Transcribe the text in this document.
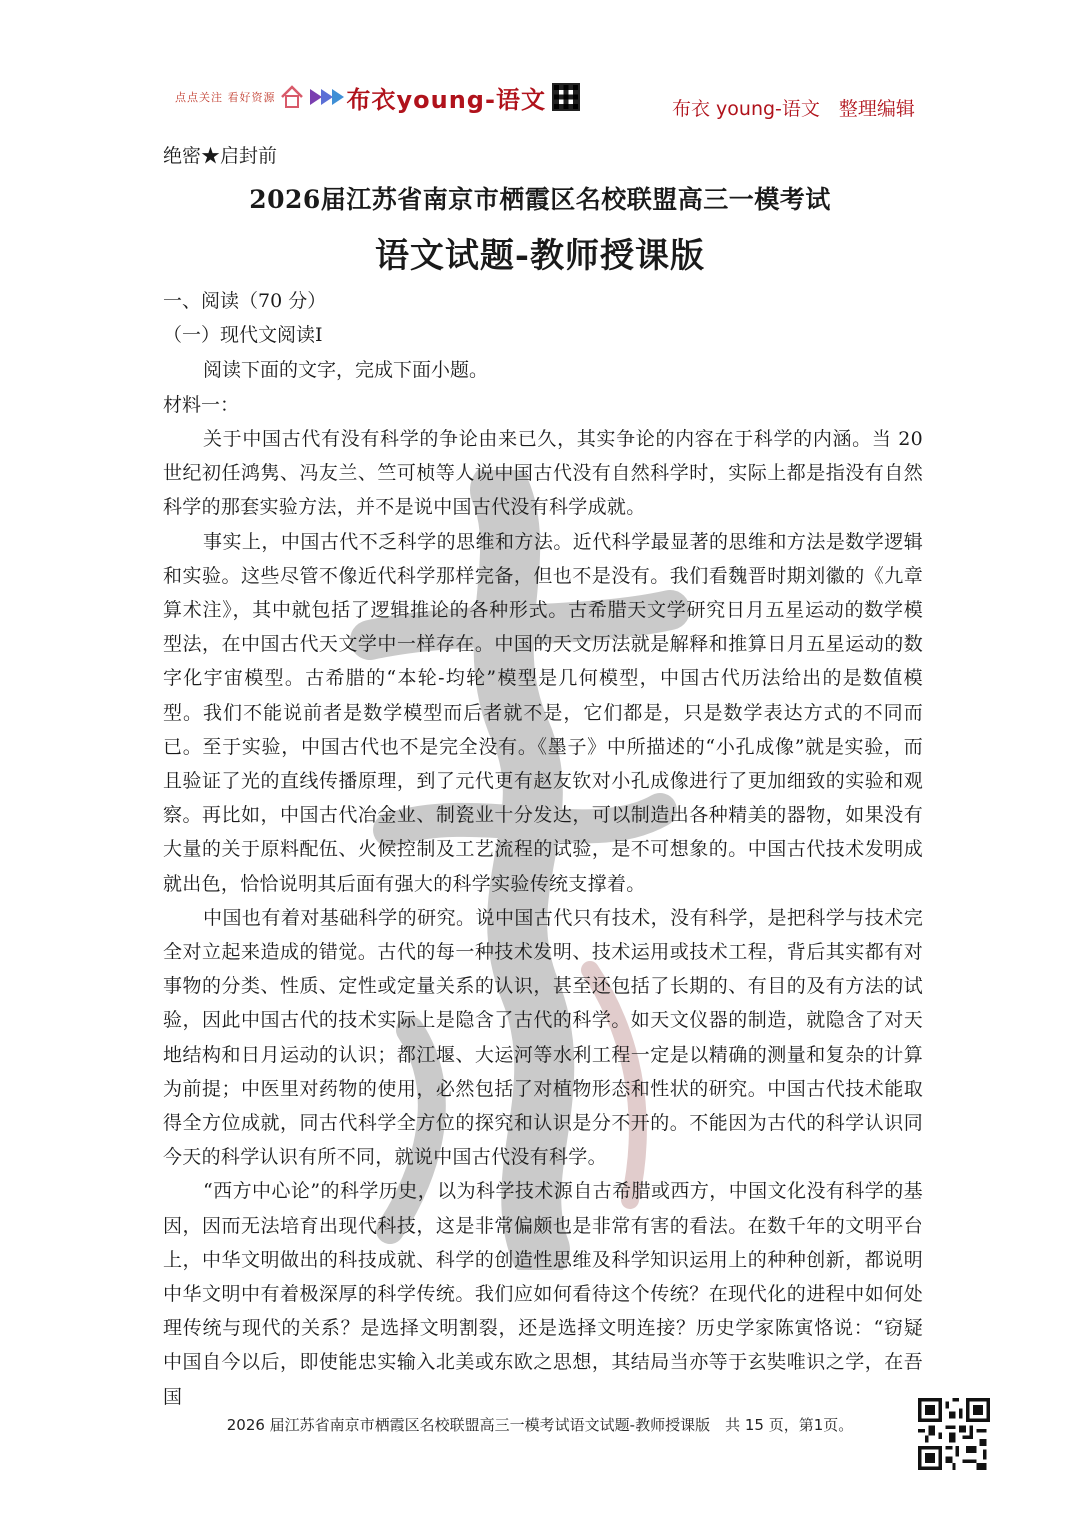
点点关注 看好资源	布衣young-语文	布衣 young-语文　整理编辑
绝密★启封前
2026届江苏省南京市栖霞区名校联盟高三一模考试
语文试题-教师授课版
一、阅读（70 分）
（一）现代文阅读Ⅰ
阅读下面的文字，完成下面小题。
材料一：

关于中国古代有没有科学的争论由来已久，其实争论的内容在于科学的内涵。当 20 世纪初任鸿隽、冯友兰、竺可桢等人说中国古代没有自然科学时，实际上都是指没有自然科学的那套实验方法，并不是说中国古代没有科学成就。

事实上，中国古代不乏科学的思维和方法。近代科学最显著的思维和方法是数学逻辑和实验。这些尽管不像近代科学那样完备，但也不是没有。我们看魏晋时期刘徽的《九章算术注》，其中就包括了逻辑推论的各种形式。古希腊天文学研究日月五星运动的数学模型法，在中国古代天文学中一样存在。中国的天文历法就是解释和推算日月五星运动的数字化宇宙模型。古希腊的“本轮-均轮”模型是几何模型，中国古代历法给出的是数值模型。我们不能说前者是数学模型而后者就不是，它们都是，只是数学表达方式的不同而已。至于实验，中国古代也不是完全没有。《墨子》中所描述的“小孔成像”就是实验，而且验证了光的直线传播原理，到了元代更有赵友钦对小孔成像进行了更加细致的实验和观察。再比如，中国古代冶金业、制瓷业十分发达，可以制造出各种精美的器物，如果没有大量的关于原料配伍、火候控制及工艺流程的试验，是不可想象的。中国古代技术发明成就出色，恰恰说明其后面有强大的科学实验传统支撑着。

中国也有着对基础科学的研究。说中国古代只有技术，没有科学，是把科学与技术完全对立起来造成的错觉。古代的每一种技术发明、技术运用或技术工程，背后其实都有对事物的分类、性质、定性或定量关系的认识，甚至还包括了长期的、有目的及有方法的试验，因此中国古代的技术实际上是隐含了古代的科学。如天文仪器的制造，就隐含了对天地结构和日月运动的认识；都江堰、大运河等水利工程一定是以精确的测量和复杂的计算为前提；中医里对药物的使用，必然包括了对植物形态和性状的研究。中国古代技术能取得全方位成就，同古代科学全方位的探究和认识是分不开的。不能因为古代的科学认识同今天的科学认识有所不同，就说中国古代没有科学。

“西方中心论”的科学历史，以为科学技术源自古希腊或西方，中国文化没有科学的基因，因而无法培育出现代科技，这是非常偏颇也是非常有害的看法。在数千年的文明平台上，中华文明做出的科技成就、科学的创造性思维及科学知识运用上的种种创新，都说明中华文明中有着极深厚的科学传统。我们应如何看待这个传统？在现代化的进程中如何处理传统与现代的关系？是选择文明割裂，还是选择文明连接？历史学家陈寅恪说：“窃疑中国自今以后，即使能忠实输入北美或东欧之思想，其结局当亦等于玄奘唯识之学，在吾国

2026 届江苏省南京市栖霞区名校联盟高三一模考试语文试题-教师授课版　共 15 页，第1页。
